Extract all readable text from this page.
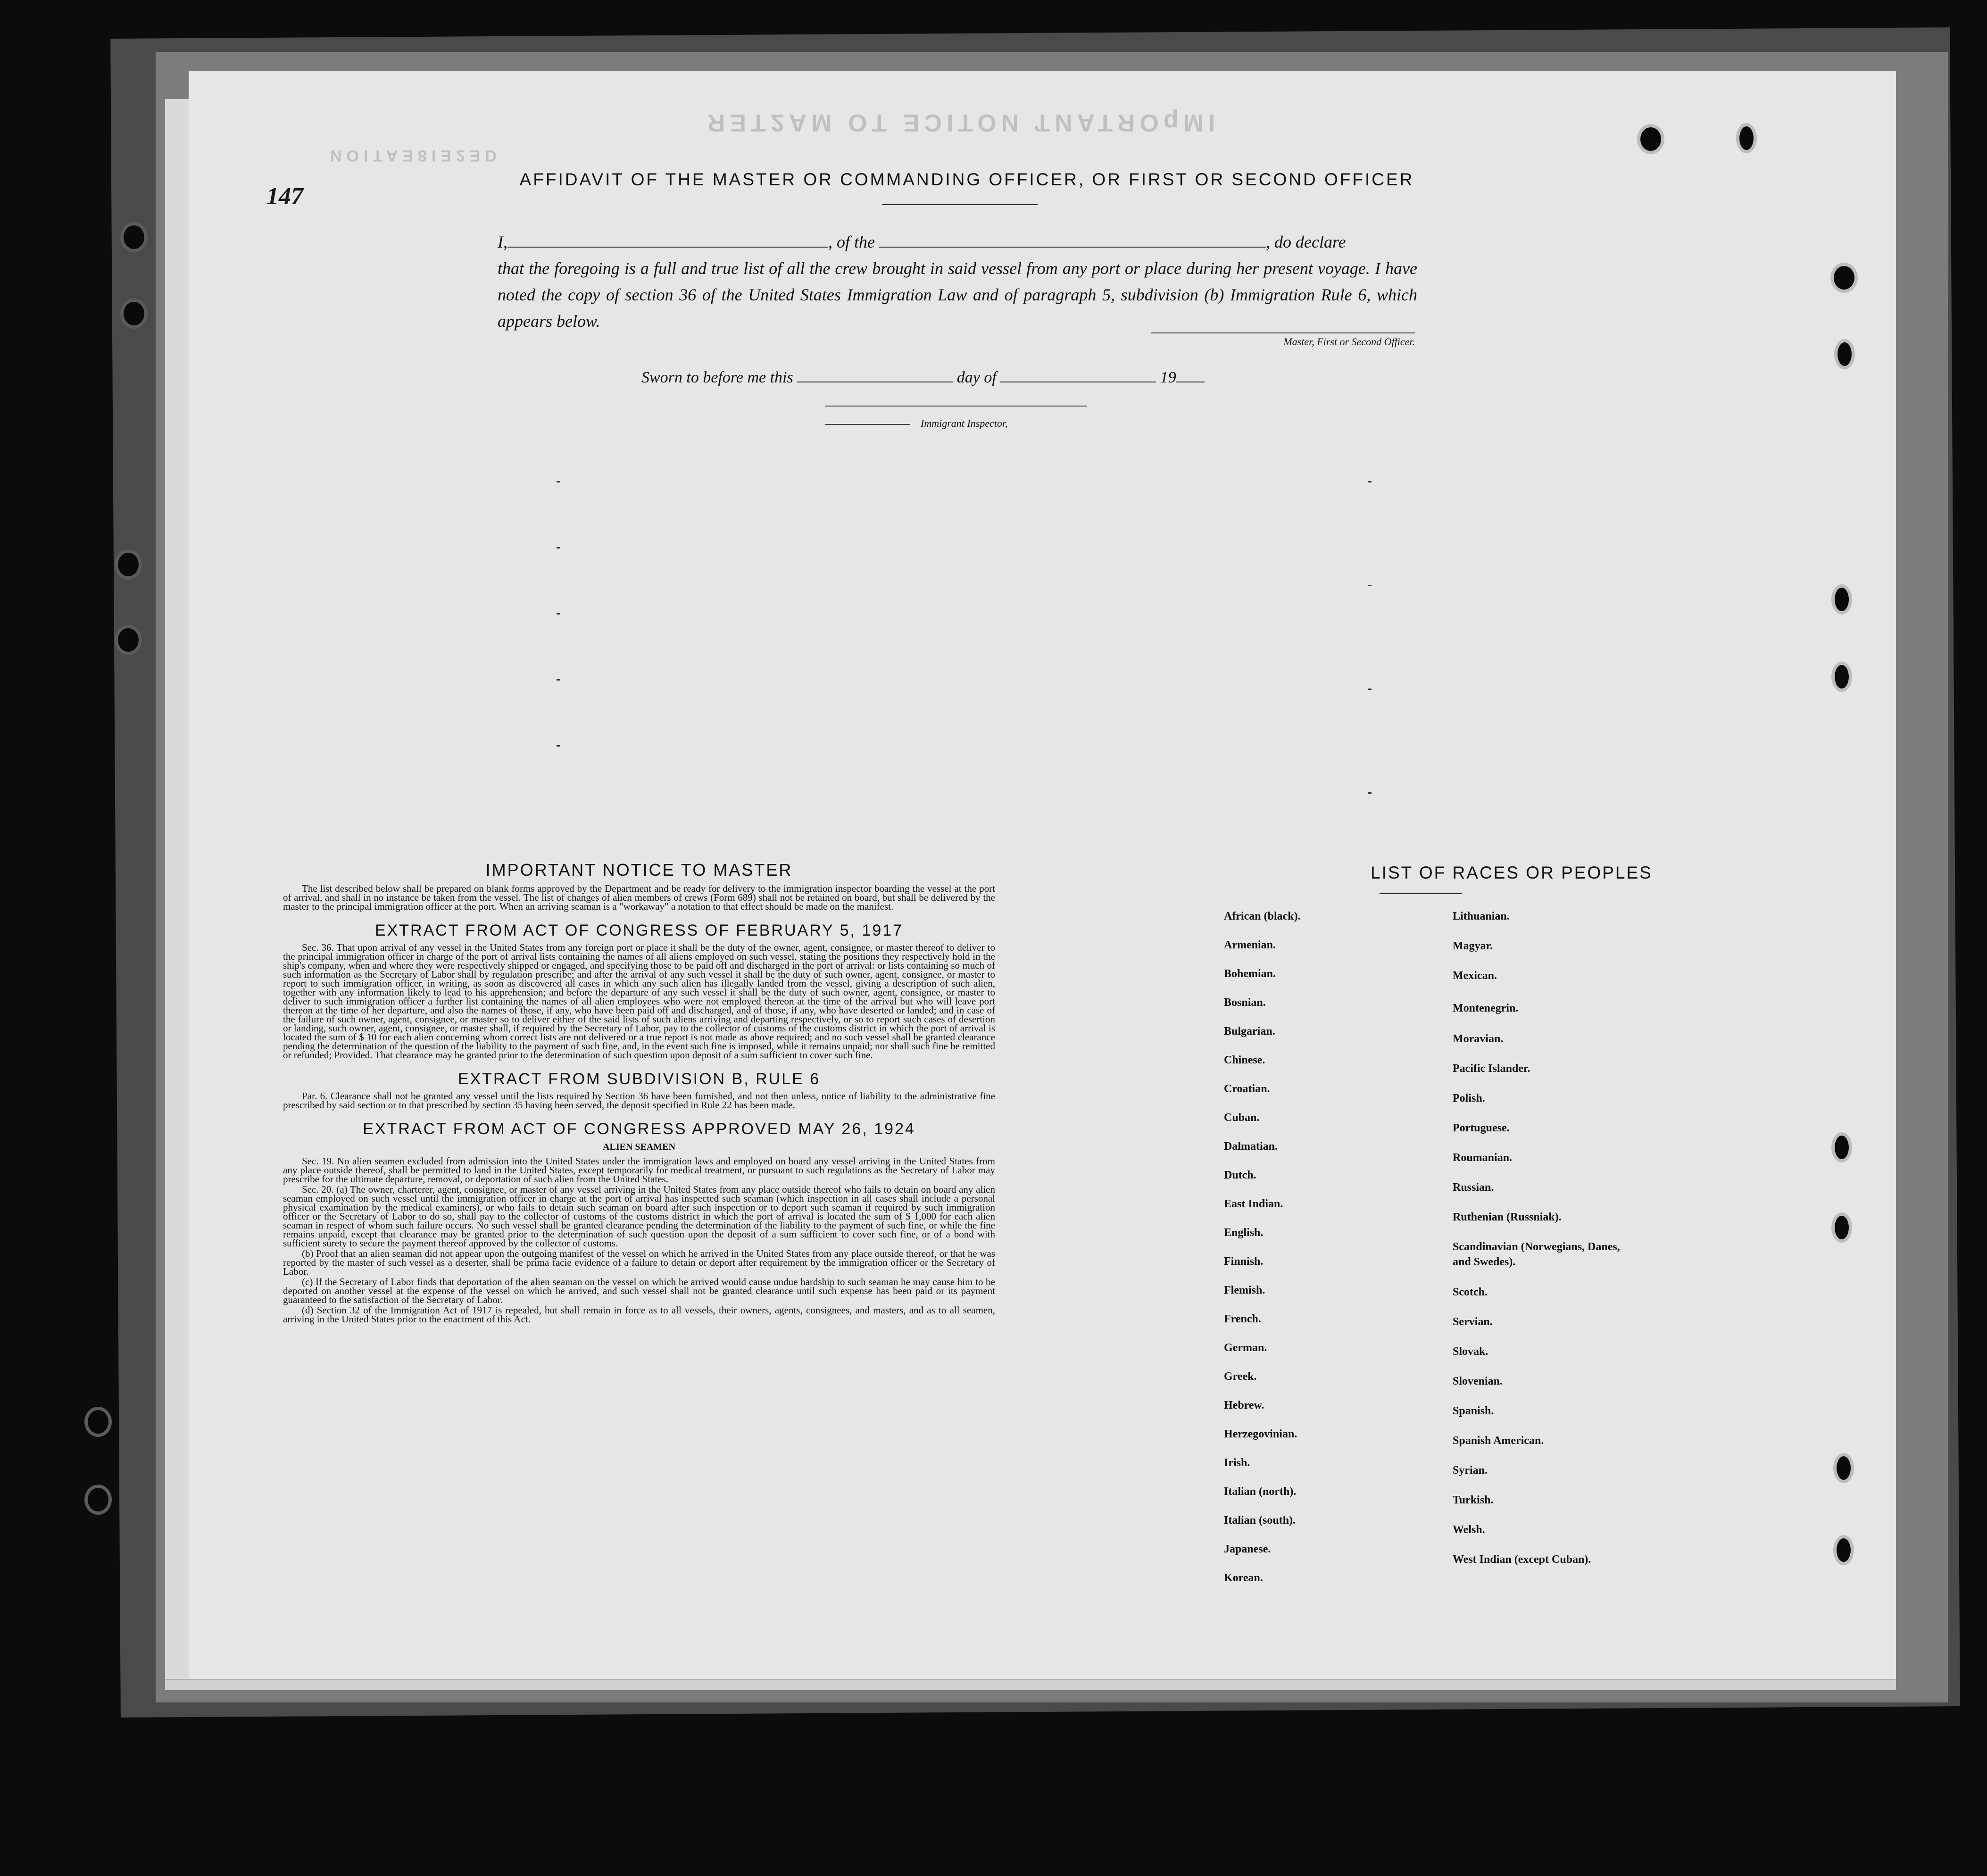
ЯƎT2AM OT ƎƆITOИ ƬИATЯOqMI
ИOITAƎ8IƎ2ƎD
147
AFFIDAVIT OF THE MASTER OR COMMANDING OFFICER, OR FIRST OR SECOND OFFICER
I,	, of the	, do declare
that the foregoing is a full and true list of all the crew brought in said vessel from any port or place during her present voyage. I have noted the copy of section 36 of the United States Immigration Law and of paragraph 5, subdivision (b) Immigration Rule 6, which appears below.
Master, First or Second Officer.
Sworn to before me this	day of	19
Immigrant Inspector,
IMPORTANT NOTICE TO MASTER

The list described below shall be prepared on blank forms approved by the Department and be ready for delivery to the immigration inspector boarding the vessel at the port of arrival, and shall in no instance be taken from the vessel. The list of changes of alien members of crews (Form 689) shall not be retained on board, but shall be delivered by the master to the principal immigration officer at the port. When an arriving seaman is a "workaway" a notation to that effect should be made on the manifest.

EXTRACT FROM ACT OF CONGRESS OF FEBRUARY 5, 1917

Sec. 36. That upon arrival of any vessel in the United States from any foreign port or place it shall be the duty of the owner, agent, consignee, or master thereof to deliver to the principal immigration officer in charge of the port of arrival lists containing the names of all aliens employed on such vessel, stating the positions they respectively hold in the ship's company, when and where they were respectively shipped or engaged, and specifying those to be paid off and discharged in the port of arrival: or lists containing so much of such information as the Secretary of Labor shall by regulation prescribe; and after the arrival of any such vessel it shall be the duty of such owner, agent, consignee, or master to report to such immigration officer, in writing, as soon as discovered all cases in which any such alien has illegally landed from the vessel, giving a description of such alien, together with any information likely to lead to his apprehension; and before the departure of any such vessel it shall be the duty of such owner, agent, consignee, or master to deliver to such immigration officer a further list containing the names of all alien employees who were not employed thereon at the time of the arrival but who will leave port thereon at the time of her departure, and also the names of those, if any, who have been paid off and discharged, and of those, if any, who have deserted or landed; and in case of the failure of such owner, agent, consignee, or master so to deliver either of the said lists of such aliens arriving and departing respectively, or so to report such cases of desertion or landing, such owner, agent, consignee, or master shall, if required by the Secretary of Labor, pay to the collector of customs of the customs district in which the port of arrival is located the sum of $ 10 for each alien concerning whom correct lists are not delivered or a true report is not made as above required; and no such vessel shall be granted clearance pending the determination of the question of the liability to the payment of such fine, and, in the event such fine is imposed, while it remains unpaid; nor shall such fine be remitted or refunded; Provided. That clearance may be granted prior to the determination of such question upon deposit of a sum sufficient to cover such fine.

EXTRACT FROM SUBDIVISION B, RULE 6

Par. 6. Clearance shall not be granted any vessel until the lists required by Section 36 have been furnished, and not then unless, notice of liability to the administrative fine prescribed by said section or to that prescribed by section 35 having been served, the deposit specified in Rule 22 has been made.

EXTRACT FROM ACT OF CONGRESS APPROVED MAY 26, 1924
ALIEN SEAMEN

Sec. 19. No alien seamen excluded from admission into the United States under the immigration laws and employed on board any vessel arriving in the United States from any place outside thereof, shall be permitted to land in the United States, except temporarily for medical treatment, or pursuant to such regulations as the Secretary of Labor may prescribe for the ultimate departure, removal, or deportation of such alien from the United States.

Sec. 20. (a) The owner, charterer, agent, consignee, or master of any vessel arriving in the United States from any place outside thereof who fails to detain on board any alien seaman employed on such vessel until the immigration officer in charge at the port of arrival has inspected such seaman (which inspection in all cases shall include a personal physical examination by the medical examiners), or who fails to detain such seaman on board after such inspection or to deport such seaman if required by such immigration officer or the Secretary of Labor to do so, shall pay to the collector of customs of the customs district in which the port of arrival is located the sum of $ 1,000 for each alien seaman in respect of whom such failure occurs. No such vessel shall be granted clearance pending the determination of the liability to the payment of such fine, or while the fine remains unpaid, except that clearance may be granted prior to the determination of such question upon the deposit of a sum sufficient to cover such fine, or of a bond with sufficient surety to secure the payment thereof approved by the collector of customs.

(b) Proof that an alien seaman did not appear upon the outgoing manifest of the vessel on which he arrived in the United States from any place outside thereof, or that he was reported by the master of such vessel as a deserter, shall be prima facie evidence of a failure to detain or deport after requirement by the immigration officer or the Secretary of Labor.

(c) If the Secretary of Labor finds that deportation of the alien seaman on the vessel on which he arrived would cause undue hardship to such seaman he may cause him to be deported on another vessel at the expense of the vessel on which he arrived, and such vessel shall not be granted clearance until such expense has been paid or its payment guaranteed to the satisfaction of the Secretary of Labor.

(d) Section 32 of the Immigration Act of 1917 is repealed, but shall remain in force as to all vessels, their owners, agents, consignees, and masters, and as to all seamen, arriving in the United States prior to the enactment of this Act.

LIST OF RACES OR PEOPLES
African (black).
Armenian.
Bohemian.
Bosnian.
Bulgarian.
Chinese.
Croatian.
Cuban.
Dalmatian.
Dutch.
East Indian.
English.
Finnish.
Flemish.
French.
German.
Greek.
Hebrew.
Herzegovinian.
Irish.
Italian (north).
Italian (south).
Japanese.
Korean.
Lithuanian.
Magyar.
Mexican.
Montenegrin.
Moravian.
Pacific Islander.
Polish.
Portuguese.
Roumanian.
Russian.
Ruthenian (Russniak).
Scandinavian (Norwegians, Danes, and Swedes).
Scotch.
Servian.
Slovak.
Slovenian.
Spanish.
Spanish American.
Syrian.
Turkish.
Welsh.
West Indian (except Cuban).
